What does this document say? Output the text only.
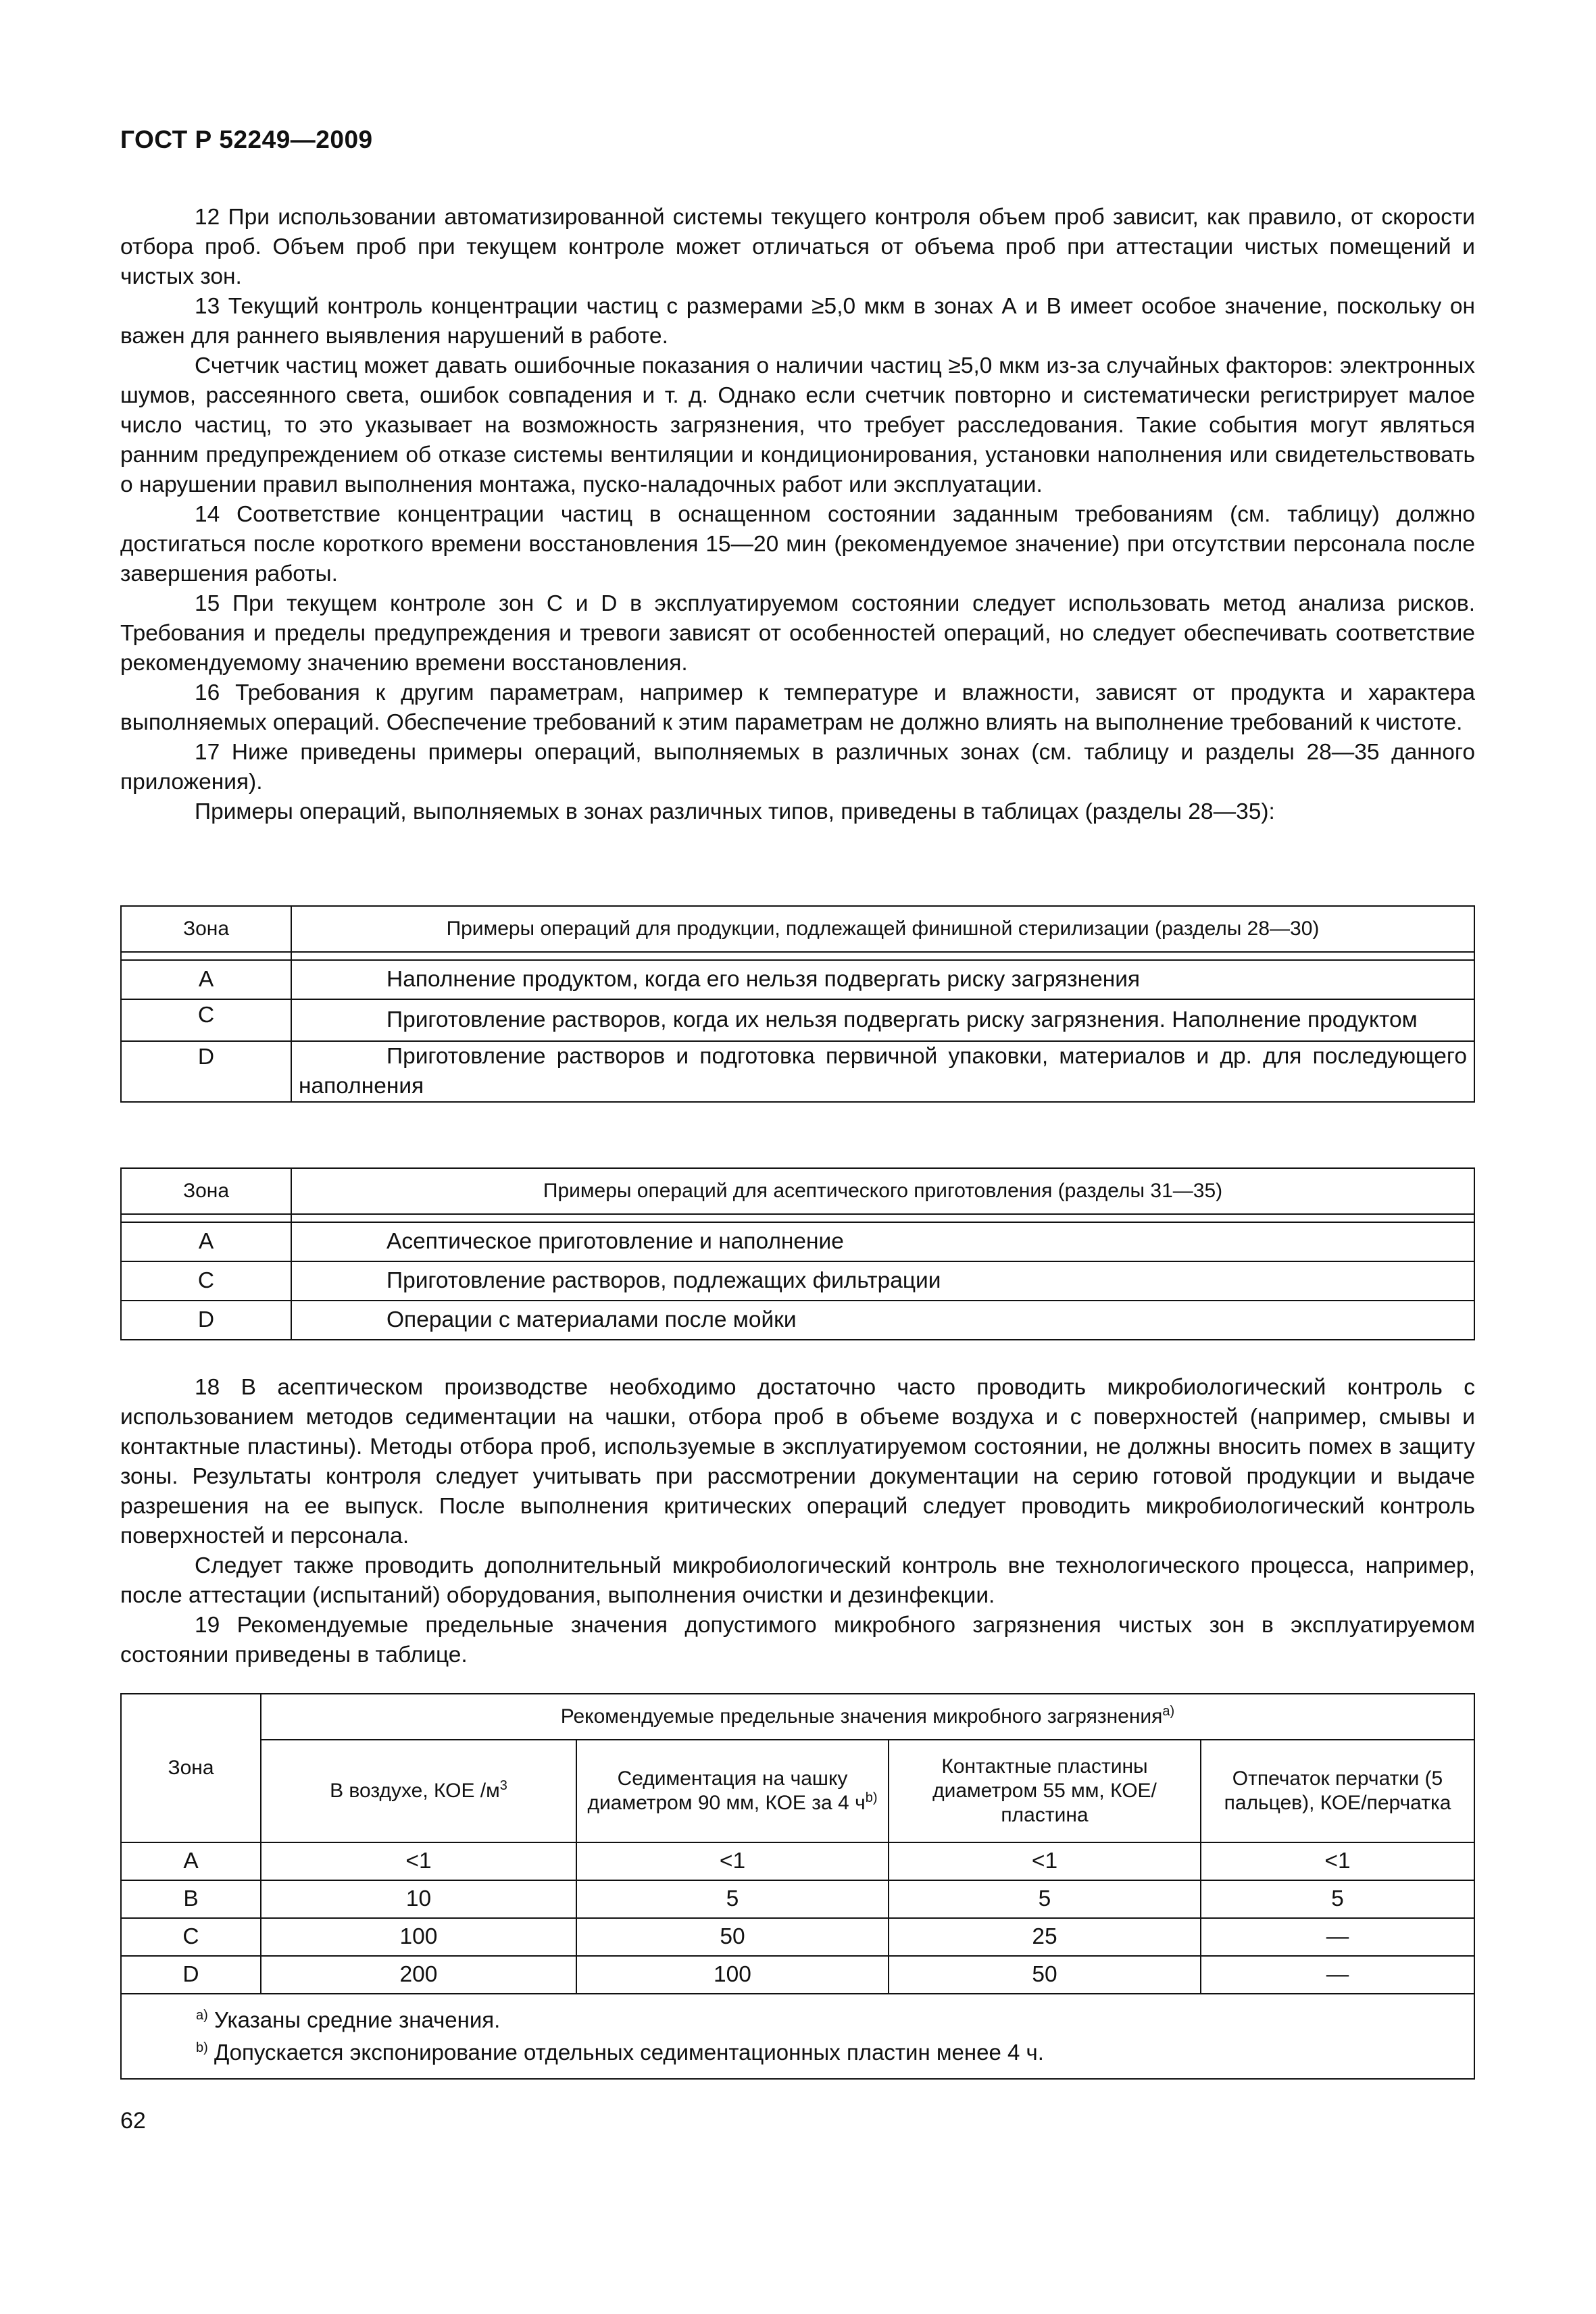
ГОСТ Р 52249—2009

12 При использовании автоматизированной системы текущего контроля объем проб зависит, как правило, от скорости отбора проб. Объем проб при текущем контроле может отличаться от объема проб при аттестации чистых помещений и чистых зон.

13 Текущий контроль концентрации частиц с размерами ≥5,0 мкм в зонах А и В имеет особое значение, поскольку он важен для раннего выявления нарушений в работе.

Счетчик частиц может давать ошибочные показания о наличии частиц ≥5,0 мкм из-за случайных факторов: электронных шумов, рассеянного света, ошибок совпадения и т. д. Однако если счетчик повторно и систематически регистрирует малое число частиц, то это указывает на возможность загрязнения, что требует расследования. Такие события могут являться ранним предупреждением об отказе системы вентиляции и кондиционирования, установки наполнения или свидетельствовать о нарушении правил выполнения монтажа, пуско-наладочных работ или эксплуатации.

14 Соответствие концентрации частиц в оснащенном состоянии заданным требованиям (см. таблицу) должно достигаться после короткого времени восстановления 15—20 мин (рекомендуемое значение) при отсутствии персонала после завершения работы.

15 При текущем контроле зон С и D в эксплуатируемом состоянии следует использовать метод анализа рисков. Требования и пределы предупреждения и тревоги зависят от особенностей операций, но следует обеспечивать соответствие рекомендуемому значению времени восстановления.

16 Требования к другим параметрам, например к температуре и влажности, зависят от продукта и характера выполняемых операций. Обеспечение требований к этим параметрам не должно влиять на выполнение требований к чистоте.

17 Ниже приведены примеры операций, выполняемых в различных зонах (см. таблицу и разделы 28—35 данного приложения).

Примеры операций, выполняемых в зонах различных типов, приведены в таблицах (разделы 28—35):

Зона	Примеры операций для продукции, подлежащей финишной стерилизации (разделы 28—30)

А	Наполнение продуктом, когда его нельзя подвергать риску загрязнения
С	Приготовление растворов, когда их нельзя подвергать риску загрязнения. Наполнение продуктом
D	Приготовление растворов и подготовка первичной упаковки, материалов и др. для последующего наполнения
Зона	Примеры операций для асептического приготовления (разделы 31—35)

А	Асептическое приготовление и наполнение
С	Приготовление растворов, подлежащих фильтрации
D	Операции с материалами после мойки

18 В асептическом производстве необходимо достаточно часто проводить микробиологический контроль с использованием методов седиментации на чашки, отбора проб в объеме воздуха и с поверхностей (например, смывы и контактные пластины). Методы отбора проб, используемые в эксплуатируемом состоянии, не должны вносить помех в защиту зоны. Результаты контроля следует учитывать при рассмотрении документации на серию готовой продукции и выдаче разрешения на ее выпуск. После выполнения критических операций следует проводить микробиологический контроль поверхностей и персонала.

Следует также проводить дополнительный микробиологический контроль вне технологического процесса, например, после аттестации (испытаний) оборудования, выполнения очистки и дезинфекции.

19 Рекомендуемые предельные значения допустимого микробного загрязнения чистых зон в эксплуатируемом состоянии приведены в таблице.

Зона	Рекомендуемые предельные значения микробного загрязнения$^{a)}$
	В воздухе, КОЕ $/м^3$	Седиментация на чашку диаметром 90 мм, КОЕ за 4 $ч^{b)}$	Контактные пластины диаметром 55 мм, КОЕ/пластина	Отпечаток перчатки (5 пальцев), КОЕ/перчатка
А	<1	<1	<1	<1
В	10	5	5	5
С	100	50	25	—
D	200	100	50	—

$^{a)}$ Указаны средние значения.
$^{b)}$ Допускается экспонирование отдельных седиментационных пластин менее 4 ч.				
62
